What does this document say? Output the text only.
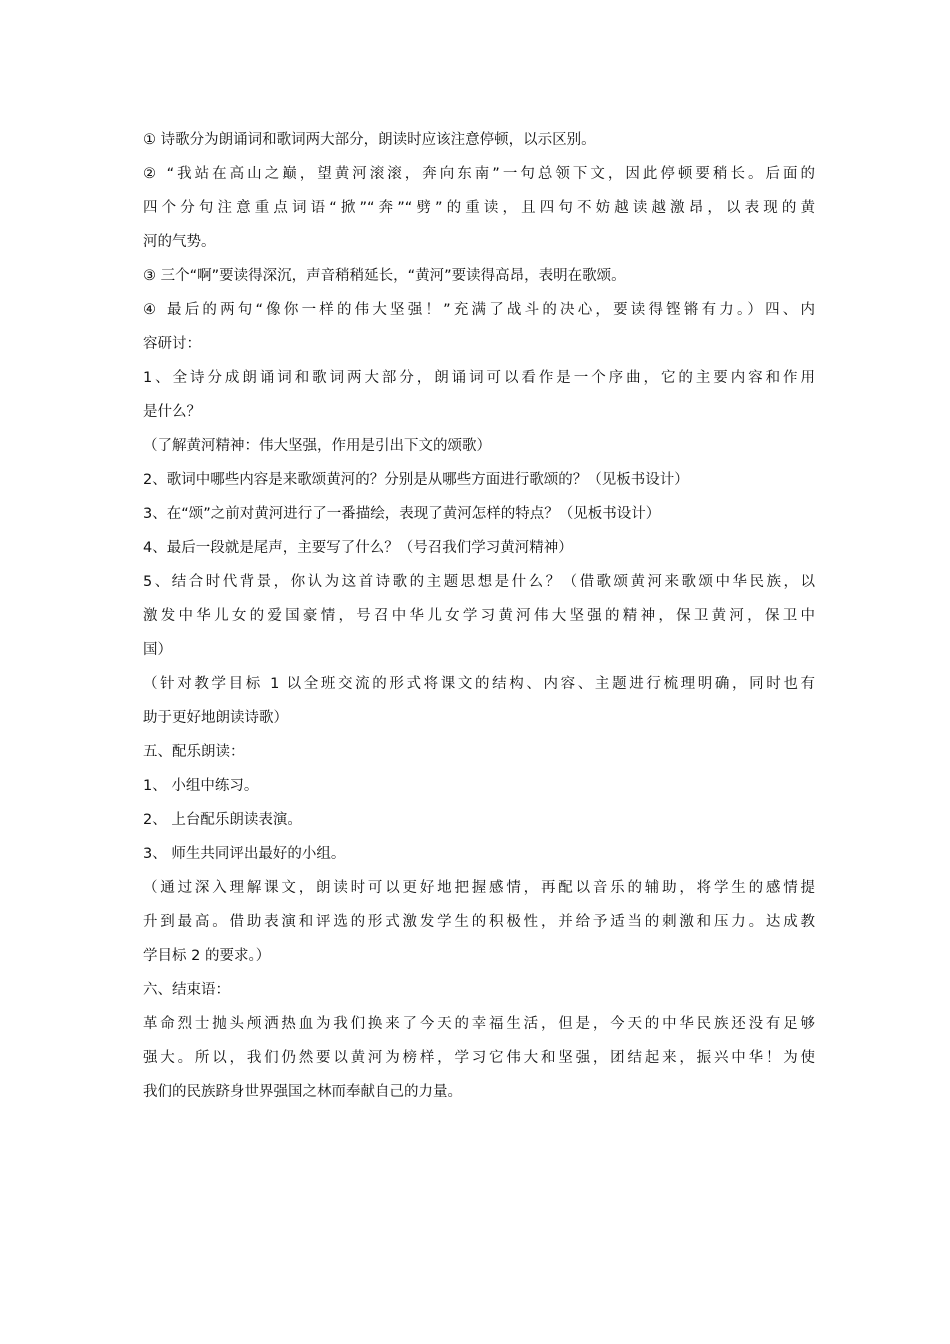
① 诗歌分为朗诵词和歌词两大部分，朗读时应该注意停顿，以示区别。

② “我站在高山之巅，望黄河滚滚，奔向东南”一句总领下文，因此停顿要稍长。后面的

四个分句注意重点词语“掀”“奔”“劈”的重读，且四句不妨越读越激昂，以表现的黄

河的气势。

③ 三个“啊”要读得深沉，声音稍稍延长，“黄河”要读得高昂，表明在歌颂。

④ 最后的两句“像你一样的伟大坚强！”充满了战斗的决心，要读得铿锵有力。）四、内

容研讨：

1、全诗分成朗诵词和歌词两大部分，朗诵词可以看作是一个序曲，它的主要内容和作用

是什么？

（了解黄河精神：伟大坚强，作用是引出下文的颂歌）

2、歌词中哪些内容是来歌颂黄河的？分别是从哪些方面进行歌颂的？（见板书设计）

3、在“颂”之前对黄河进行了一番描绘，表现了黄河怎样的特点？（见板书设计）

4、最后一段就是尾声，主要写了什么？（号召我们学习黄河精神）

5、结合时代背景，你认为这首诗歌的主题思想是什么？（借歌颂黄河来歌颂中华民族，以

激发中华儿女的爱国豪情，号召中华儿女学习黄河伟大坚强的精神，保卫黄河，保卫中

国）

（针对教学目标 1 以全班交流的形式将课文的结构、内容、主题进行梳理明确，同时也有

助于更好地朗读诗歌）

五、配乐朗读：

1、 小组中练习。

2、 上台配乐朗读表演。

3、 师生共同评出最好的小组。

（通过深入理解课文，朗读时可以更好地把握感情，再配以音乐的辅助，将学生的感情提

升到最高。借助表演和评选的形式激发学生的积极性，并给予适当的刺激和压力。达成教

学目标 2 的要求。）

六、结束语：

革命烈士抛头颅洒热血为我们换来了今天的幸福生活，但是，今天的中华民族还没有足够

强大。所以，我们仍然要以黄河为榜样，学习它伟大和坚强，团结起来，振兴中华！为使

我们的民族跻身世界强国之林而奉献自己的力量。
